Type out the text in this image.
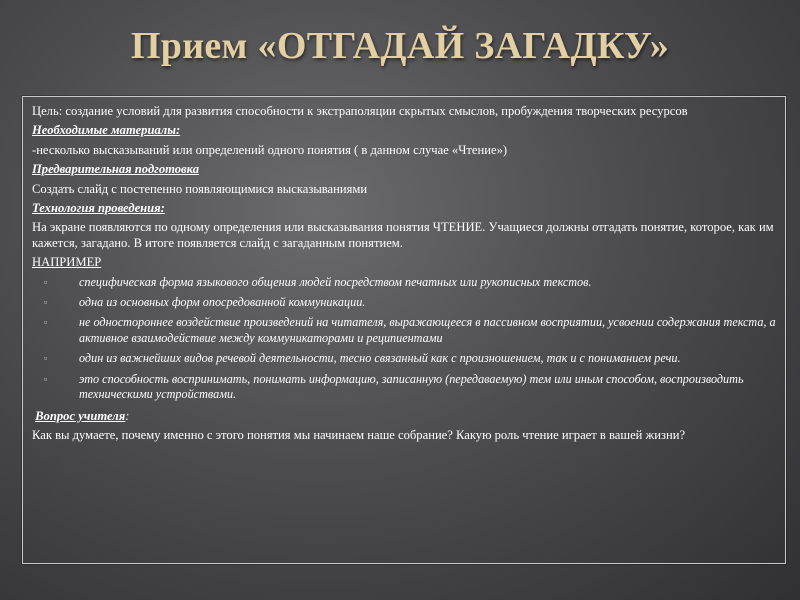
Прием «ОТГАДАЙ ЗАГАДКУ»

Цель: создание условий для развития способности к экстраполяции скрытых смыслов, пробуждения творческих ресурсов

Необходимые материалы:

-несколько высказываний или определений одного понятия ( в данном случае «Чтение»)

Предварительная подготовка

Создать слайд с постепенно появляющимися высказываниями

Технология проведения:

На экране появляются по одному определения или высказывания понятия ЧТЕНИЕ. Учащиеся должны отгадать понятие, которое, как им кажется, загадано. В итоге появляется слайд с загаданным понятием.

НАПРИМЕР

▫	специфическая форма языкового общения людей посредством печатных или рукописных текстов.
▫	одна из основных форм опосредованной коммуникации.
▫	не одностороннее воздействие произведений на читателя, выражающееся в пассивном восприятии, усвоении содержания текста, а активное взаимодействие между коммуникаторами и реципиентами
▫	один из важнейших видов речевой деятельности, тесно связанный как с произношением, так и с пониманием речи.
▫	это способность воспринимать, понимать информацию, записанную (передаваемую) тем или иным способом, воспроизводить техническими устройствами.

Вопрос учителя:

Как вы думаете, почему именно с этого понятия мы начинаем наше собрание? Какую роль чтение играет в вашей жизни?
